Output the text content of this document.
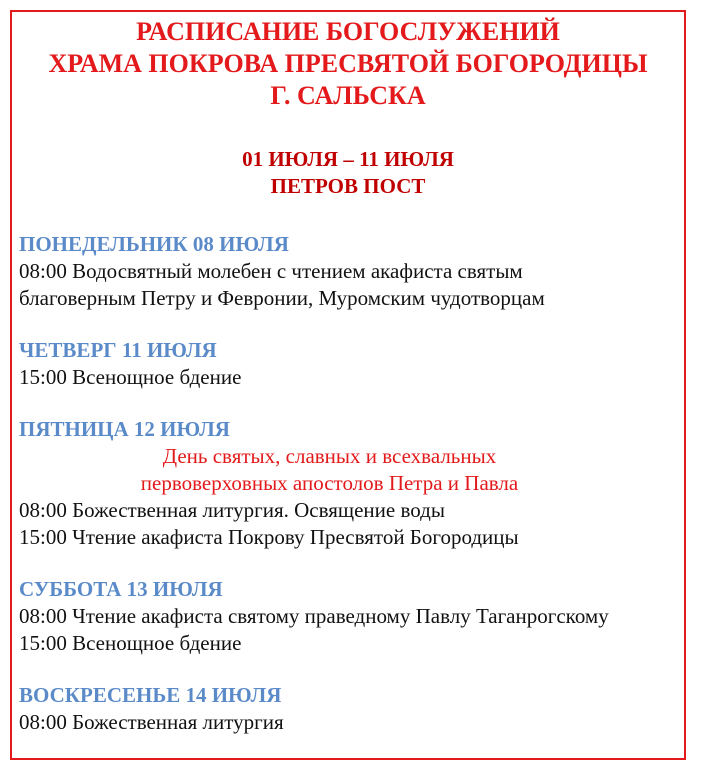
РАСПИСАНИЕ БОГОСЛУЖЕНИЙ
ХРАМА ПОКРОВА ПРЕСВЯТОЙ БОГОРОДИЦЫ
Г. САЛЬСКА
01 ИЮЛЯ – 11 ИЮЛЯ
ПЕТРОВ ПОСТ
ПОНЕДЕЛЬНИК 08 ИЮЛЯ
08:00 Водосвятный молебен с чтением акафиста святым
благоверным Петру и Февронии, Муромским чудотворцам
ЧЕТВЕРГ 11 ИЮЛЯ
15:00 Всенощное бдение
ПЯТНИЦА 12 ИЮЛЯ
День святых, славных и всехвальных
первоверховных апостолов Петра и Павла
08:00 Божественная литургия. Освящение воды
15:00 Чтение акафиста Покрову Пресвятой Богородицы
СУББОТА 13 ИЮЛЯ
08:00 Чтение акафиста святому праведному Павлу Таганрогскому
15:00 Всенощное бдение
ВОСКРЕСЕНЬЕ 14 ИЮЛЯ
08:00 Божественная литургия
